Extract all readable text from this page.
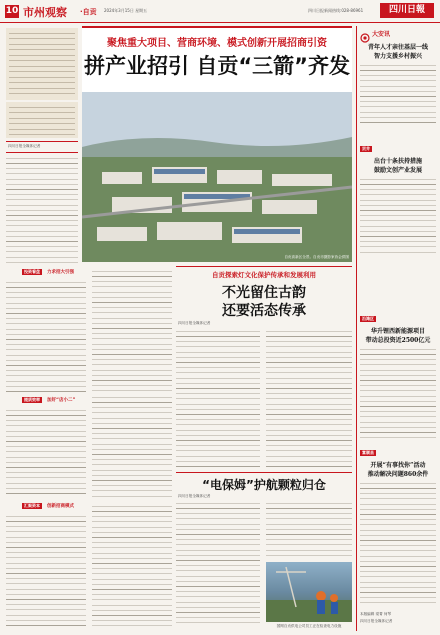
10 市州观察 ·自贡 2024年3月15日 星期五	四川日报新闻热线:028-86961	四川日報
聚焦重大项目、营商环境、模式创新开展招商引资
拼产业招引 自贡“三箭”齐发
自贡高新区全景。自贡市摄影家协会供图
四川日报全媒体记者
投资看盘	力求招大引强
提质效率	加好“店小二”
汇聚资本	创新招商模式
自贡探索灯文化保护传承和发展利用
不光留住古韵
还要活态传承
四川日报全媒体记者
“电保姆”护航颗粒归仓
四川日报全媒体记者
国网自贡供电公司员工正在检查电力设施
大安讯
青年人才亲往基层一线
智力支援乡村振兴
贡井
出台十条扶持措施
鼓励文创产业发展
沿滩区
华升锂西新能源项目
带动总投资近2500亿元
富顺县
开展“有事找你”活动
推动解决问题860余件
本版编辑 梁菁 何琴
四川日报全媒体记者
